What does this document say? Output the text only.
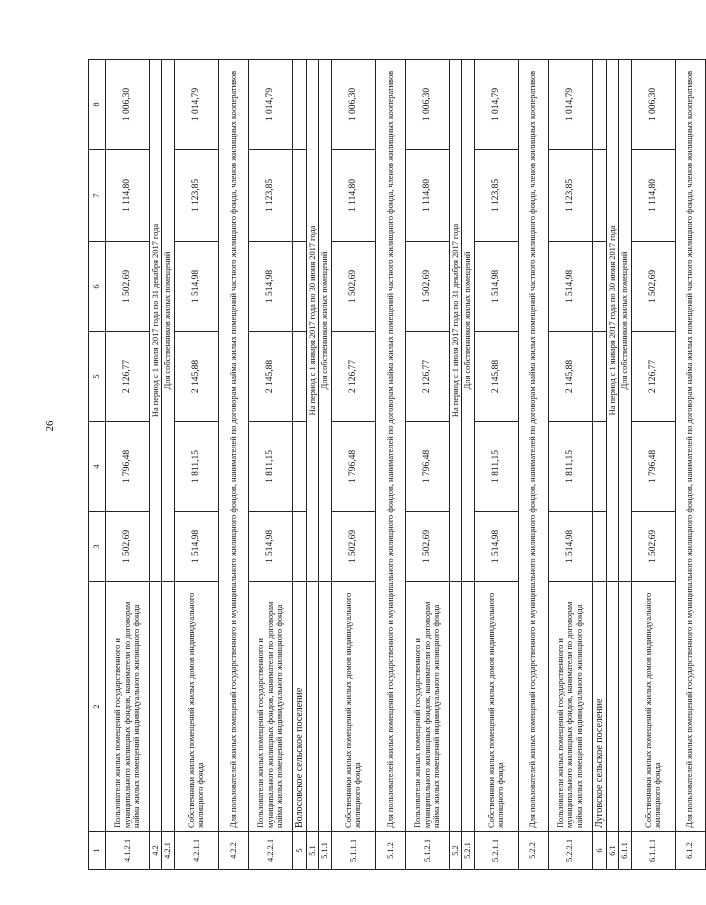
26
1	2	3	4	5	6	7	8
4.1.2.1	Пользователи жилых помещений государственного и муниципального жилищных фондов, наниматели по договорам найма жилых помещений индивидуального жилищного фонда	1 502,69	1 796,48	2 126,77	1 502,69	1 114,80	1 006,30
4.2		На период с 1 июля 2017 года по 31 декабря 2017 года					
4.2.1		Для собственников жилых помещений					
4.2.1.1	Собственники жилых помещений жилых домов индивидуального жилищного фонда	1 514,98	1 811,15	2 145,88	1 514,98	1 123,85	1 014,79
4.2.2	Для пользователей жилых помещений государственного и муниципального жилищного фондов, нанимателей по договорам найма жилых помещений частного жилищного фонда, членов жилищных кооперативов						
4.2.2.1	Пользователи жилых помещений государственного и муниципального жилищных фондов, наниматели по договорам найма жилых помещений индивидуального жилищного фонда	1 514,98	1 811,15	2 145,88	1 514,98	1 123,85	1 014,79
5	Волосовское сельское поселение						
5.1		На период с 1 января 2017 года по 30 июня 2017 года					
5.1.1		Для собственников жилых помещений					
5.1.1.1	Собственники жилых помещений жилых домов индивидуального жилищного фонда	1 502,69	1 796,48	2 126,77	1 502,69	1 114,80	1 006,30
5.1.2	Для пользователей жилых помещений государственного и муниципального жилищного фондов, нанимателей по договорам найма жилых помещений частного жилищного фонда, членов жилищных кооперативов						
5.1.2.1	Пользователи жилых помещений государственного и муниципального жилищных фондов, наниматели по договорам найма жилых помещений индивидуального жилищного фонда	1 502,69	1 796,48	2 126,77	1 502,69	1 114,80	1 006,30
5.2		На период с 1 июля 2017 года по 31 декабря 2017 года					
5.2.1		Для собственников жилых помещений					
5.2.1.1	Собственники жилых помещений жилых домов индивидуального жилищного фонда	1 514,98	1 811,15	2 145,88	1 514,98	1 123,85	1 014,79
5.2.2	Для пользователей жилых помещений государственного и муниципального жилищного фондов, нанимателей по договорам найма жилых помещений частного жилищного фонда, членов жилищных кооперативов						
5.2.2.1	Пользователи жилых помещений государственного и муниципального жилищных фондов, наниматели по договорам найма жилых помещений индивидуального жилищного фонда	1 514,98	1 811,15	2 145,88	1 514,98	1 123,85	1 014,79
6	Луговское сельское поселение						
6.1		На период с 1 января 2017 года по 30 июня 2017 года					
6.1.1		Для собственников жилых помещений					
6.1.1.1	Собственники жилых помещений жилых домов индивидуального жилищного фонда	1 502,69	1 796,48	2 126,77	1 502,69	1 114,80	1 006,30
6.1.2	Для пользователей жилых помещений государственного и муниципального жилищного фондов, нанимателей по договорам найма жилых помещений частного жилищного фонда, членов жилищных кооперативов						
